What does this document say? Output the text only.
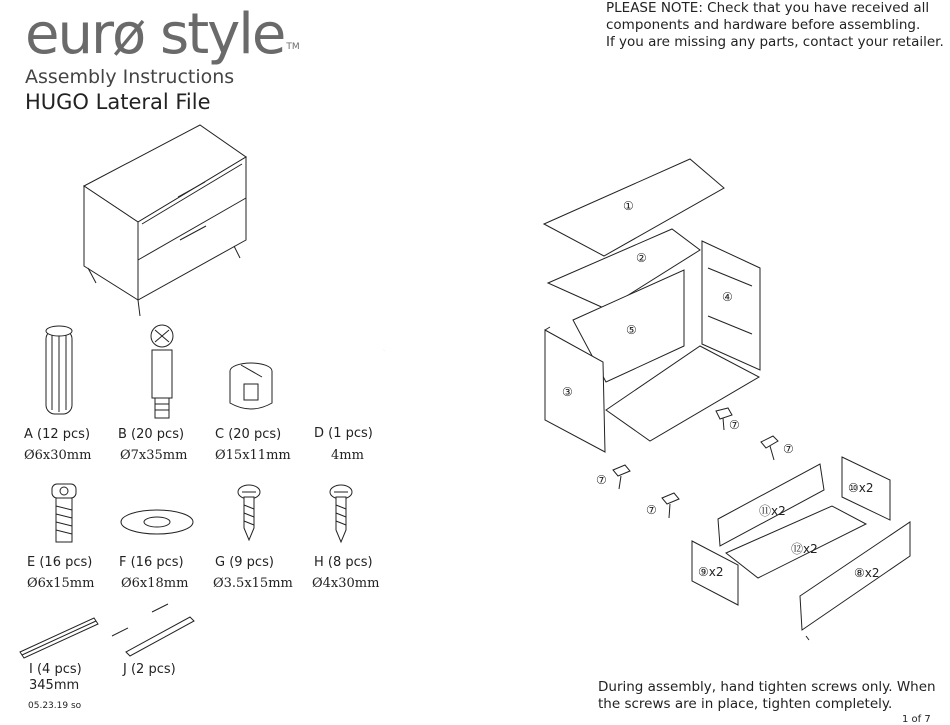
eurø style ™
Assembly Instructions
HUGO Lateral File
PLEASE NOTE: Check that you have received all
components and hardware before assembling.
If you are missing any parts, contact your retailer.
①
②
③
④
⑤
⑦
⑦
⑦
⑦
⑧x2
⑨x2
⑩x2
⑪x2
⑫x2
A (12 pcs)
Ø6x30mm
B (20 pcs)
Ø7x35mm
C (20 pcs)
Ø15x11mm
D (1 pcs)
4mm
E (16 pcs)
Ø6x15mm
F (16 pcs)
Ø6x18mm
G (9 pcs)
Ø3.5x15mm
H (8 pcs)
Ø4x30mm
I (4 pcs)
345mm
J (2 pcs)
05.23.19 so
During assembly, hand tighten screws only. When
the screws are in place, tighten completely.
1 of 7
